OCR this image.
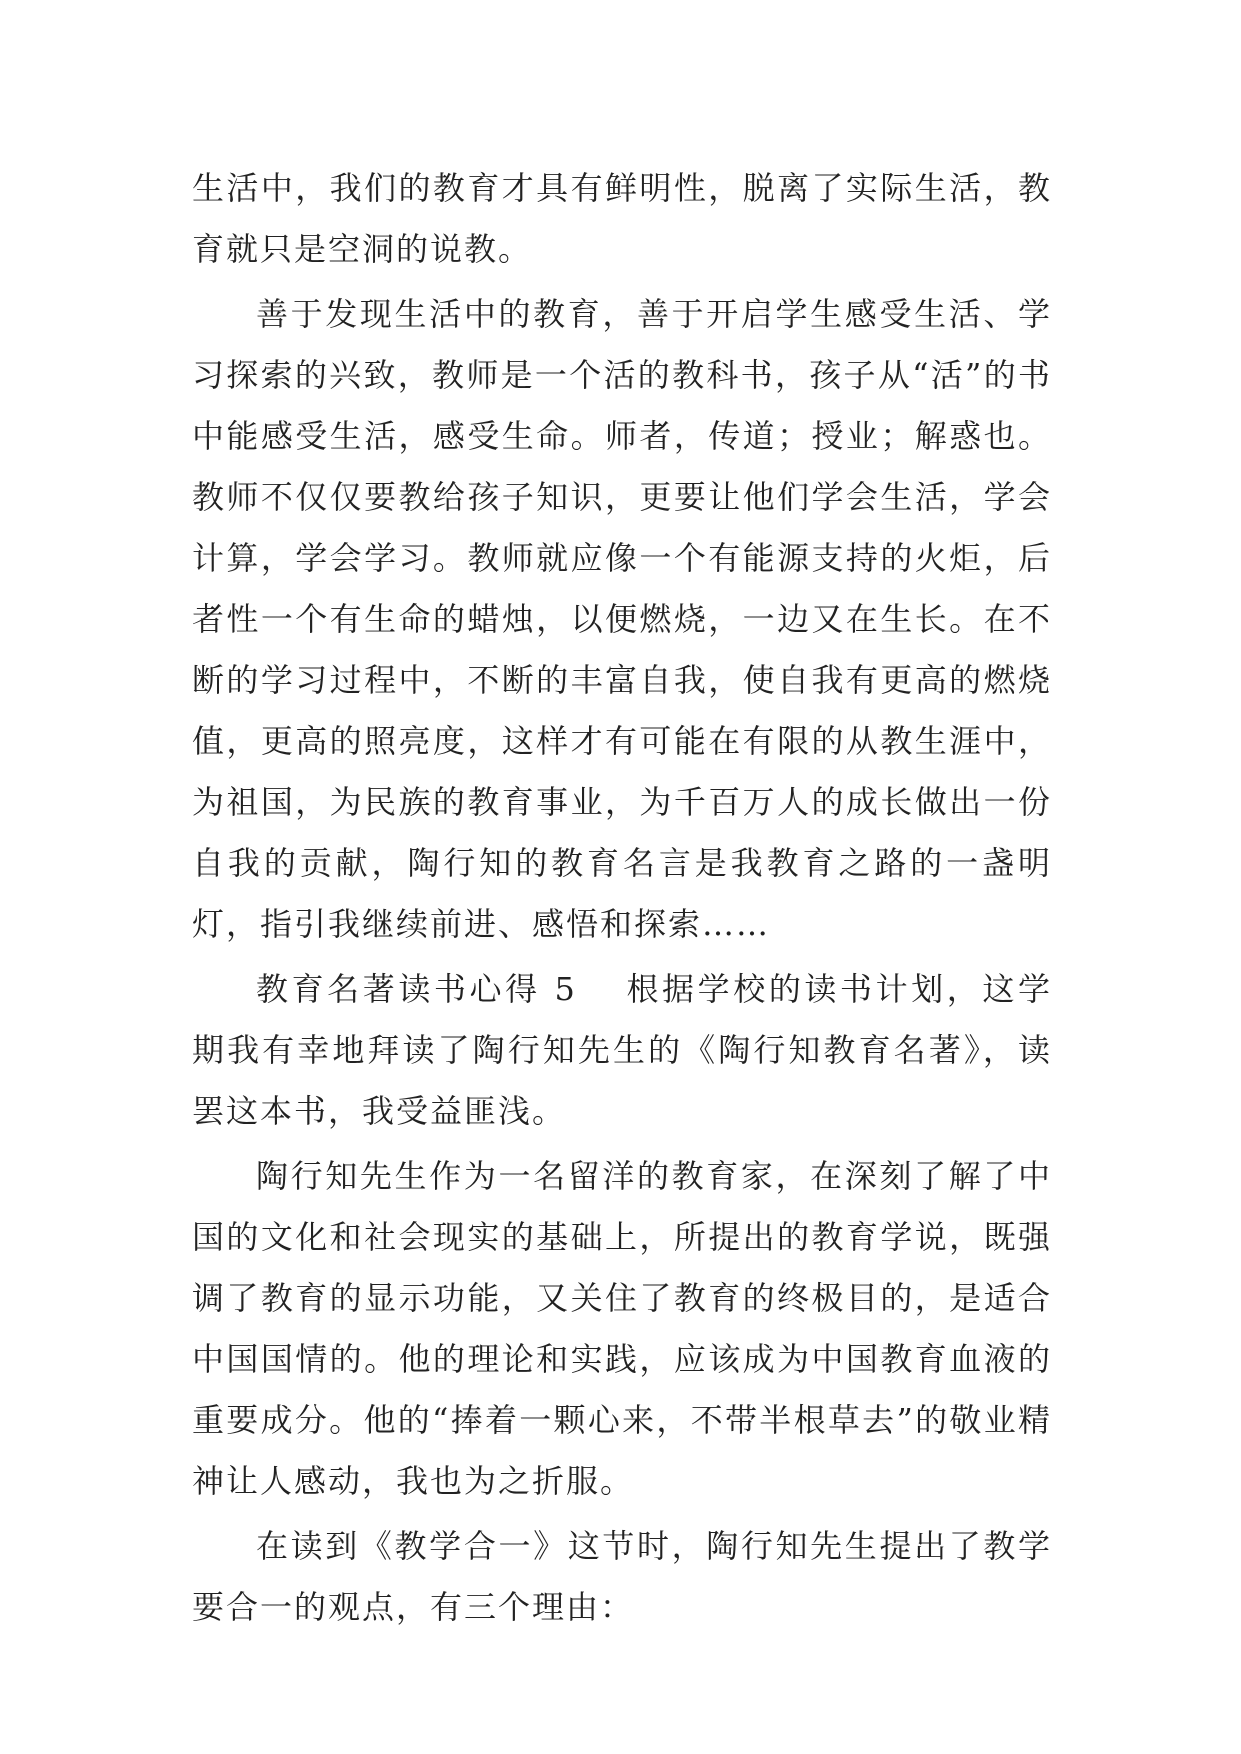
生活中，我们的教育才具有鲜明性，脱离了实际生活，教育就只是空洞的说教。

善于发现生活中的教育，善于开启学生感受生活、学习探索的兴致，教师是一个活的教科书，孩子从“活”的书中能感受生活，感受生命。师者，传道；授业；解惑也。教师不仅仅要教给孩子知识，更要让他们学会生活，学会计算，学会学习。教师就应像一个有能源支持的火炬，后者性一个有生命的蜡烛，以便燃烧，一边又在生长。在不断的学习过程中，不断的丰富自我，使自我有更高的燃烧值，更高的照亮度，这样才有可能在有限的从教生涯中，为祖国，为民族的教育事业，为千百万人的成长做出一份自我的贡献，陶行知的教育名言是我教育之路的一盏明灯，指引我继续前进、感悟和探索……

教育名著读书心得 5 根据学校的读书计划，这学期我有幸地拜读了陶行知先生的《陶行知教育名著》，读罢这本书，我受益匪浅。

陶行知先生作为一名留洋的教育家，在深刻了解了中国的文化和社会现实的基础上，所提出的教育学说，既强调了教育的显示功能，又关住了教育的终极目的，是适合中国国情的。他的理论和实践，应该成为中国教育血液的重要成分。他的“捧着一颗心来，不带半根草去”的敬业精神让人感动，我也为之折服。

在读到《教学合一》这节时，陶行知先生提出了教学要合一的观点，有三个理由：
